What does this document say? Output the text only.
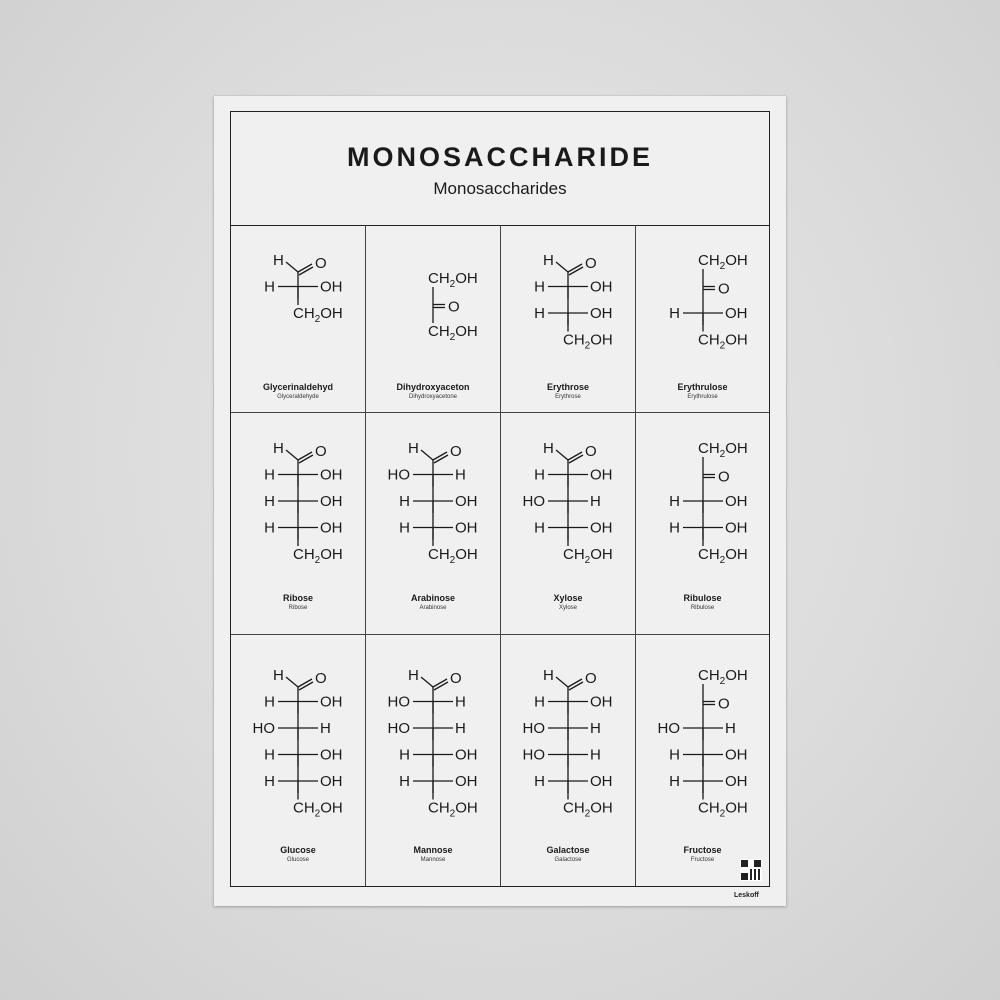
MONOSACCHARIDE
Monosaccharides
H O
H	OH
$CH_2OH$
Glycerinaldehyd
Glyceraldehyde
$CH_2OH$
O
$CH_2OH$
Dihydroxyaceton
Dihydroxyacetone
H O
H	OH
H	OH
$CH_2OH$
Erythrose
Erythrose
$CH_2OH$
O
H	OH
$CH_2OH$
Erythrulose
Erythrulose
H O
H	OH
H	OH
H	OH
$CH_2OH$
Ribose
Ribose
H O
HO	H
H	OH
H	OH
$CH_2OH$
Arabinose
Arabinose
H O
H	OH
HO	H
H	OH
$CH_2OH$
Xylose
Xylose
$CH_2OH$
O
H	OH
H	OH
$CH_2OH$
Ribulose
Ribulose
H O
H	OH
HO	H
H	OH
H	OH
$CH_2OH$
Glucose
Glucose
H O
HO	H
HO	H
H	OH
H	OH
$CH_2OH$
Mannose
Mannose
H O
H	OH
HO	H
HO	H
H	OH
$CH_2OH$
Galactose
Galactose
$CH_2OH$
O
HO	H
H	OH
H	OH
$CH_2OH$
Fructose
Fructose
Leskoff
